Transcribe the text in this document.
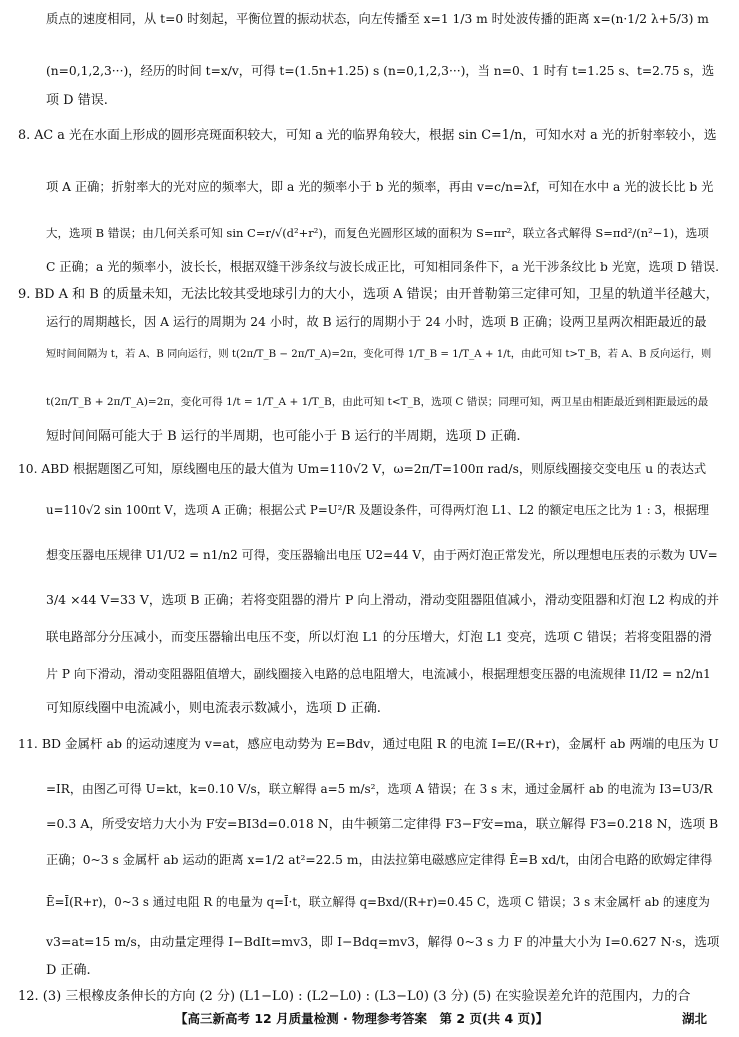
质点的速度相同，从 t=0 时刻起，平衡位置的振动状态，向左传播至 x=1 1/3 m 时处波传播的距离 x=(n·1/2 λ+5/3) m
(n=0,1,2,3···)，经历的时间 t=x/v，可得 t=(1.5n+1.25) s (n=0,1,2,3···)，当 n=0、1 时有 t=1.25 s、t=2.75 s，选
项 D 错误.
8. AC a 光在水面上形成的圆形亮斑面积较大，可知 a 光的临界角较大，根据 sin C=1/n，可知水对 a 光的折射率较小，选
项 A 正确；折射率大的光对应的频率大，即 a 光的频率小于 b 光的频率，再由 v=c/n=λf，可知在水中 a 光的波长比 b 光
大，选项 B 错误；由几何关系可知 sin C=r/√(d²+r²)，而复色光圆形区域的面积为 S=πr²，联立各式解得 S=πd²/(n²−1)，选项
C 正确；a 光的频率小，波长长，根据双缝干涉条纹与波长成正比，可知相同条件下，a 光干涉条纹比 b 光宽，选项 D 错误.
9. BD A 和 B 的质量未知，无法比较其受地球引力的大小，选项 A 错误；由开普勒第三定律可知，卫星的轨道半径越大，
运行的周期越长，因 A 运行的周期为 24 小时，故 B 运行的周期小于 24 小时，选项 B 正确；设两卫星两次相距最近的最
短时间间隔为 t，若 A、B 同向运行，则 t(2π/T_B − 2π/T_A)=2π，变化可得 1/T_B = 1/T_A + 1/t，由此可知 t>T_B，若 A、B 反向运行，则
t(2π/T_B + 2π/T_A)=2π，变化可得 1/t = 1/T_A + 1/T_B，由此可知 t<T_B，选项 C 错误；同理可知，两卫星由相距最近到相距最远的最
短时间间隔可能大于 B 运行的半周期，也可能小于 B 运行的半周期，选项 D 正确.
10. ABD 根据题图乙可知，原线圈电压的最大值为 Um=110√2 V，ω=2π/T=100π rad/s，则原线圈接交变电压 u 的表达式
u=110√2 sin 100πt V，选项 A 正确；根据公式 P=U²/R 及题设条件，可得两灯泡 L1、L2 的额定电压之比为 1 : 3，根据理
想变压器电压规律 U1/U2 = n1/n2 可得，变压器输出电压 U2=44 V，由于两灯泡正常发光，所以理想电压表的示数为 UV=
3/4 ×44 V=33 V，选项 B 正确；若将变阻器的滑片 P 向上滑动，滑动变阻器阻值减小，滑动变阻器和灯泡 L2 构成的并
联电路部分分压减小，而变压器输出电压不变，所以灯泡 L1 的分压增大，灯泡 L1 变亮，选项 C 错误；若将变阻器的滑
片 P 向下滑动，滑动变阻器阻值增大，副线圈接入电路的总电阻增大，电流减小，根据理想变压器的电流规律 I1/I2 = n2/n1
可知原线圈中电流减小，则电流表示数减小，选项 D 正确.
11. BD 金属杆 ab 的运动速度为 v=at，感应电动势为 E=Bdv，通过电阻 R 的电流 I=E/(R+r)，金属杆 ab 两端的电压为 U
=IR，由图乙可得 U=kt，k=0.10 V/s，联立解得 a=5 m/s²，选项 A 错误；在 3 s 末，通过金属杆 ab 的电流为 I3=U3/R
=0.3 A，所受安培力大小为 F安=BI3d=0.018 N，由牛顿第二定律得 F3−F安=ma，联立解得 F3=0.218 N，选项 B
正确；0~3 s 金属杆 ab 运动的距离 x=1/2 at²=22.5 m，由法拉第电磁感应定律得 Ē=B xd/t，由闭合电路的欧姆定律得
Ē=Ī(R+r)，0~3 s 通过电阻 R 的电量为 q=Ī·t，联立解得 q=Bxd/(R+r)=0.45 C，选项 C 错误；3 s 末金属杆 ab 的速度为
v3=at=15 m/s，由动量定理得 I−BdIt=mv3，即 I−Bdq=mv3，解得 0~3 s 力 F 的冲量大小为 I=0.627 N·s，选项
D 正确.
12. (3) 三根橡皮条伸长的方向 (2 分) (L1−L0) : (L2−L0) : (L3−L0) (3 分) (5) 在实验误差允许的范围内，力的合
【高三新高考 12 月质量检测 · 物理参考答案　第 2 页(共 4 页)】	湖北
